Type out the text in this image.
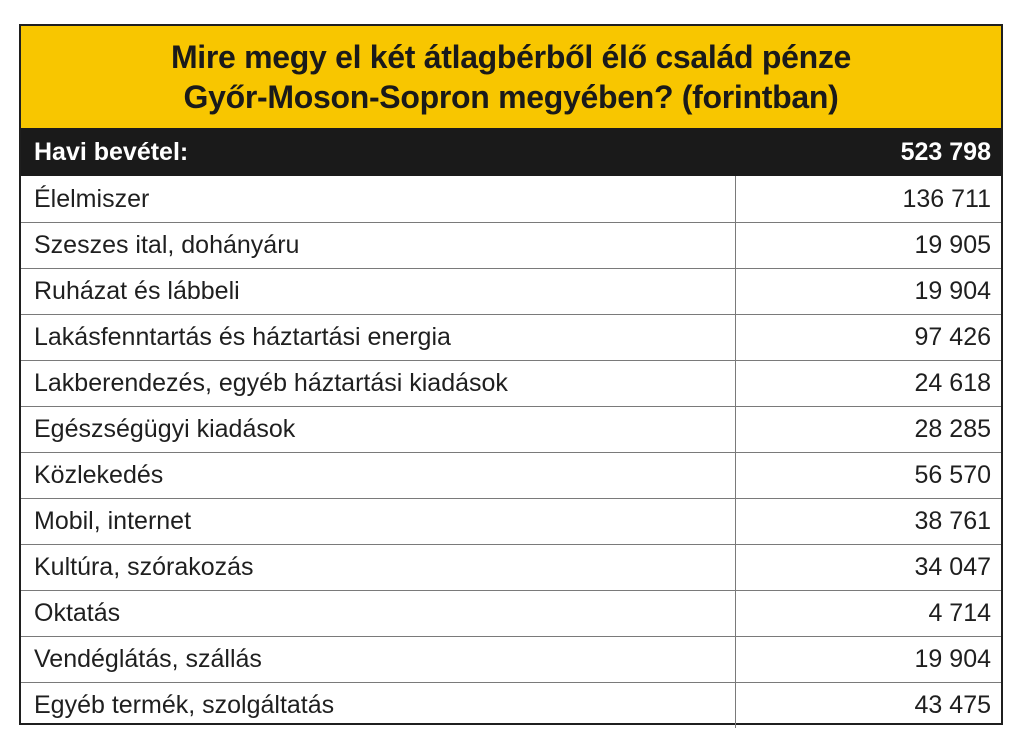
Mire megy el két átlagbérből élő család pénze
Győr-Moson-Sopron megyében? (forintban)
Havi bevétel:	523 798
Élelmiszer	136 711
Szeszes ital, dohányáru	19 905
Ruházat és lábbeli	19 904
Lakásfenntartás és háztartási energia	97 426
Lakberendezés, egyéb háztartási kiadások	24 618
Egészségügyi kiadások	28 285
Közlekedés	56 570
Mobil, internet	38 761
Kultúra, szórakozás	34 047
Oktatás	4 714
Vendéglátás, szállás	19 904
Egyéb termék, szolgáltatás	43 475
